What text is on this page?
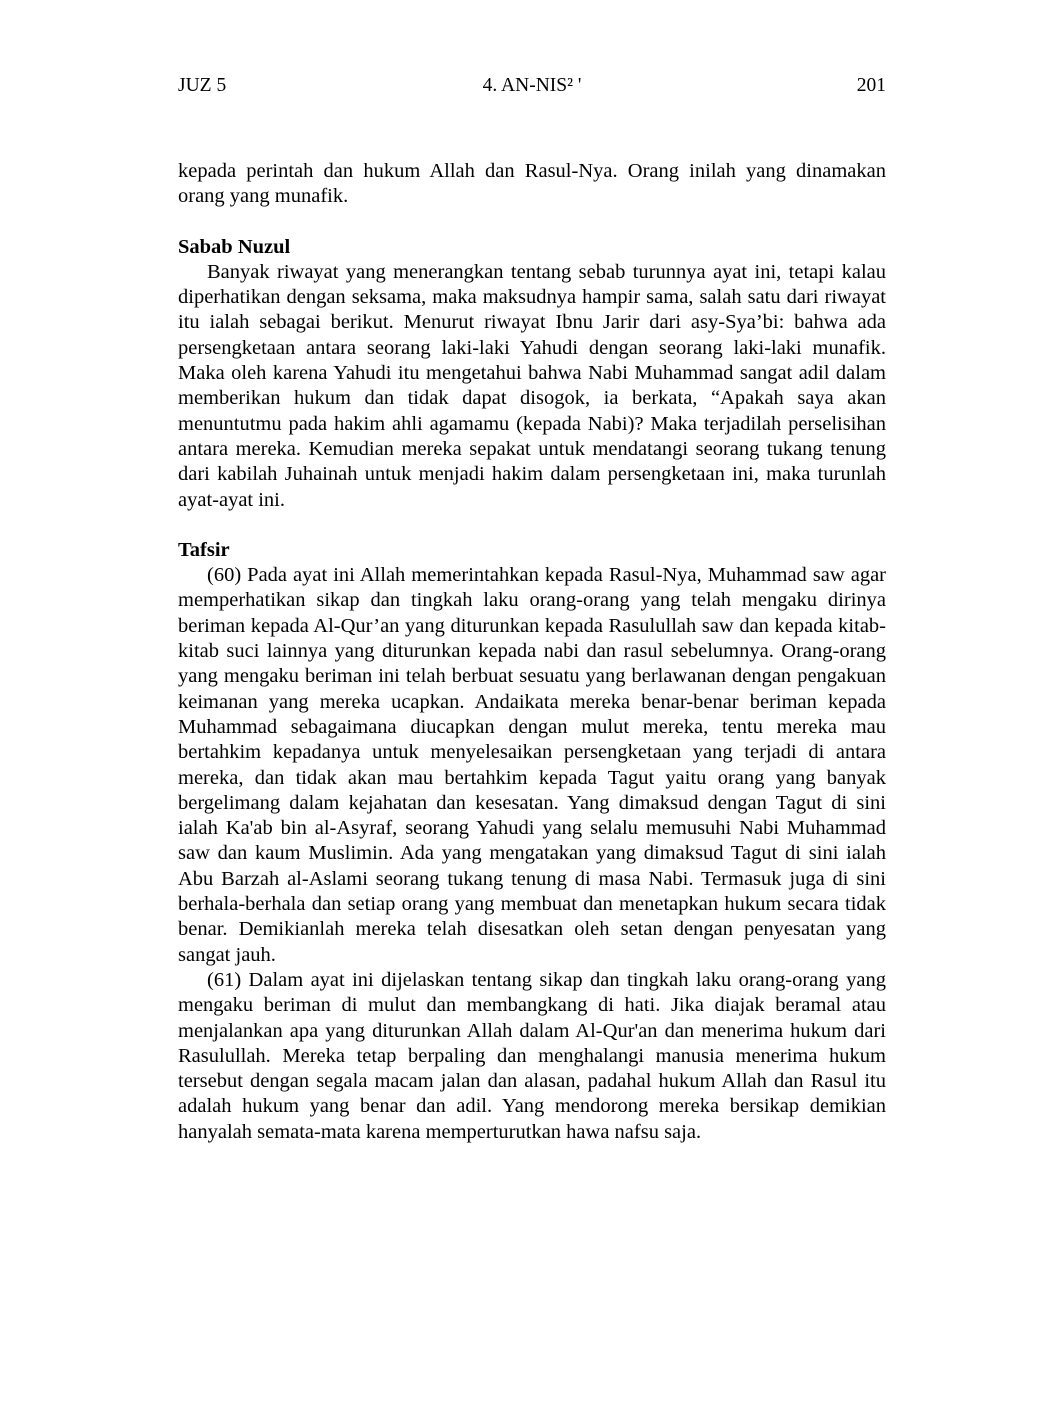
JUZ 5	4. AN-NIS² '	201

kepada perintah dan hukum Allah dan Rasul-Nya. Orang inilah yang dinamakan orang yang munafik.

Sabab Nuzul

Banyak riwayat yang menerangkan tentang sebab turunnya ayat ini, tetapi kalau diperhatikan dengan seksama, maka maksudnya hampir sama, salah satu dari riwayat itu ialah sebagai berikut. Menurut riwayat Ibnu Jarir dari asy-Sya’bi: bahwa ada persengketaan antara seorang laki-laki Yahudi dengan seorang laki-laki munafik. Maka oleh karena Yahudi itu mengetahui bahwa Nabi Muhammad sangat adil dalam memberikan hukum dan tidak dapat disogok, ia berkata, “Apakah saya akan menuntutmu pada hakim ahli agamamu (kepada Nabi)? Maka terjadilah perselisihan antara mereka. Kemudian mereka sepakat untuk mendatangi seorang tukang tenung dari kabilah Juhainah untuk menjadi hakim dalam persengketaan ini, maka turunlah ayat-ayat ini.

Tafsir

(60) Pada ayat ini Allah memerintahkan kepada Rasul-Nya, Muhammad saw agar memperhatikan sikap dan tingkah laku orang-orang yang telah mengaku dirinya beriman kepada Al-Qur’an yang diturunkan kepada Rasulullah saw dan kepada kitab-kitab suci lainnya yang diturunkan kepada nabi dan rasul sebelumnya. Orang-orang yang mengaku beriman ini telah berbuat sesuatu yang berlawanan dengan pengakuan keimanan yang mereka ucapkan. Andaikata mereka benar-benar beriman kepada Muhammad sebagaimana diucapkan dengan mulut mereka, tentu mereka mau bertahkim kepadanya untuk menyelesaikan persengketaan yang terjadi di antara mereka, dan tidak akan mau bertahkim kepada Tagut yaitu orang yang banyak bergelimang dalam kejahatan dan kesesatan. Yang dimaksud dengan Tagut di sini ialah Ka'ab bin al-Asyraf, seorang Yahudi yang selalu memusuhi Nabi Muhammad saw dan kaum Muslimin. Ada yang mengatakan yang dimaksud Tagut di sini ialah Abu Barzah al-Aslami seorang tukang tenung di masa Nabi. Termasuk juga di sini berhala-berhala dan setiap orang yang membuat dan menetapkan hukum secara tidak benar. Demikianlah mereka telah disesatkan oleh setan dengan penyesatan yang sangat jauh.

(61) Dalam ayat ini dijelaskan tentang sikap dan tingkah laku orang-orang yang mengaku beriman di mulut dan membangkang di hati. Jika diajak beramal atau menjalankan apa yang diturunkan Allah dalam Al-Qur'an dan menerima hukum dari Rasulullah. Mereka tetap berpaling dan menghalangi manusia menerima hukum tersebut dengan segala macam jalan dan alasan, padahal hukum Allah dan Rasul itu adalah hukum yang benar dan adil. Yang mendorong mereka bersikap demikian hanyalah semata-mata karena memperturutkan hawa nafsu saja.
